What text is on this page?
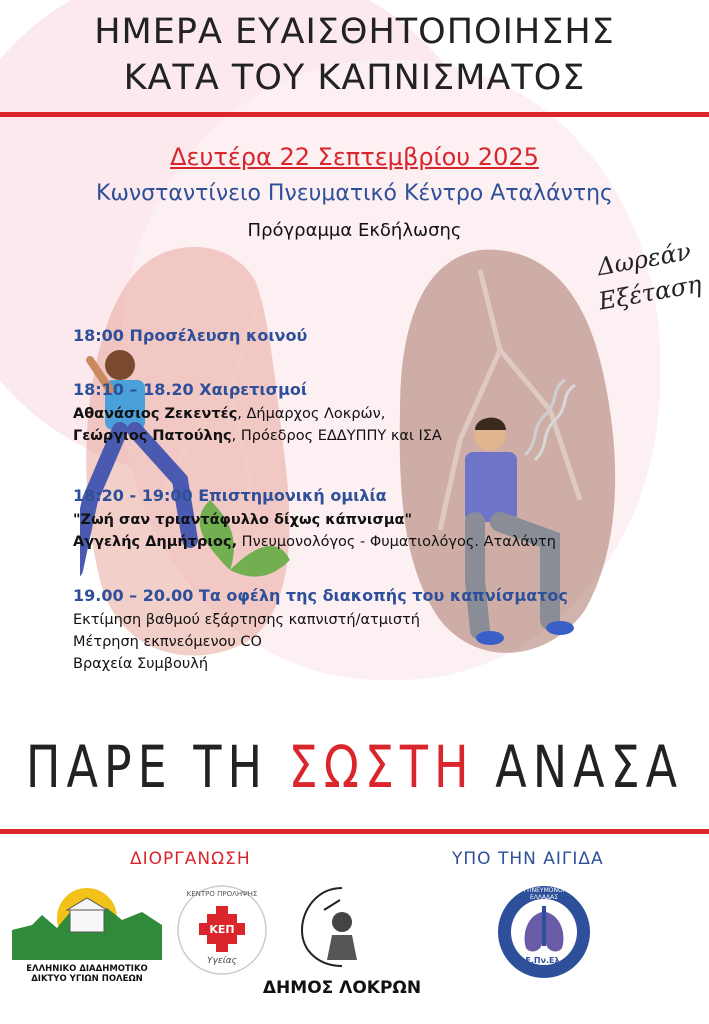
ΗΜΕΡΑ ΕΥΑΙΣΘΗΤΟΠΟΙΗΣΗΣ
ΚΑΤΑ ΤΟΥ ΚΑΠΝΙΣΜΑΤΟΣ
Δευτέρα 22 Σεπτεμβρίου 2025
Κωνσταντίνειο Πνευματικό Κέντρο Αταλάντης
Πρόγραμμα Εκδήλωσης
Δωρεάν
Εξέταση
18:00 Προσέλευση κοινού
18:10 – 18.20 Χαιρετισμοί
Αθανάσιος Ζεκεντές, Δήμαρχος Λοκρών,
Γεώργιος Πατούλης, Πρόεδρος ΕΔΔΥΠΠΥ και ΙΣΑ
18:20 - 19:00 Επιστημονική ομιλία
"Ζωή σαν τριαντάφυλλο δίχως κάπνισμα"
Αγγελής Δημήτριος, Πνευμονολόγος - Φυματιολόγος. Αταλάντη
19.00 – 20.00 Τα οφέλη της διακοπής του καπνίσματος
Εκτίμηση βαθμού εξάρτησης καπνιστή/ατμιστή
Μέτρηση εκπνεόμενου CO
Βραχεία Συμβουλή
ΠΑΡΕ ΤΗ ΣΩΣΤΗ ΑΝΑΣΑ
ΔΙΟΡΓΑΝΩΣΗ	ΥΠΟ ΤΗΝ ΑΙΓΙΔΑ
ΕΛΛΗΝΙΚΟ ΔΙΑΔΗΜΟΤΙΚΟ ΔΙΚΤΥΟ ΥΓΙΩΝ ΠΟΛΕΩΝ
ΚΕΠ
ΚΕΝΤΡΟ ΠΡΟΛΗΨΗΣ
Υγείας
ΔΗΜΟΣ ΛΟΚΡΩΝ
ΕΝΩΣΗ ΠΝΕΥΜΟΝΟΛΟΓΩΝ ΕΛΛΑΔΑΣ
Ε.Πν.Ελ.
